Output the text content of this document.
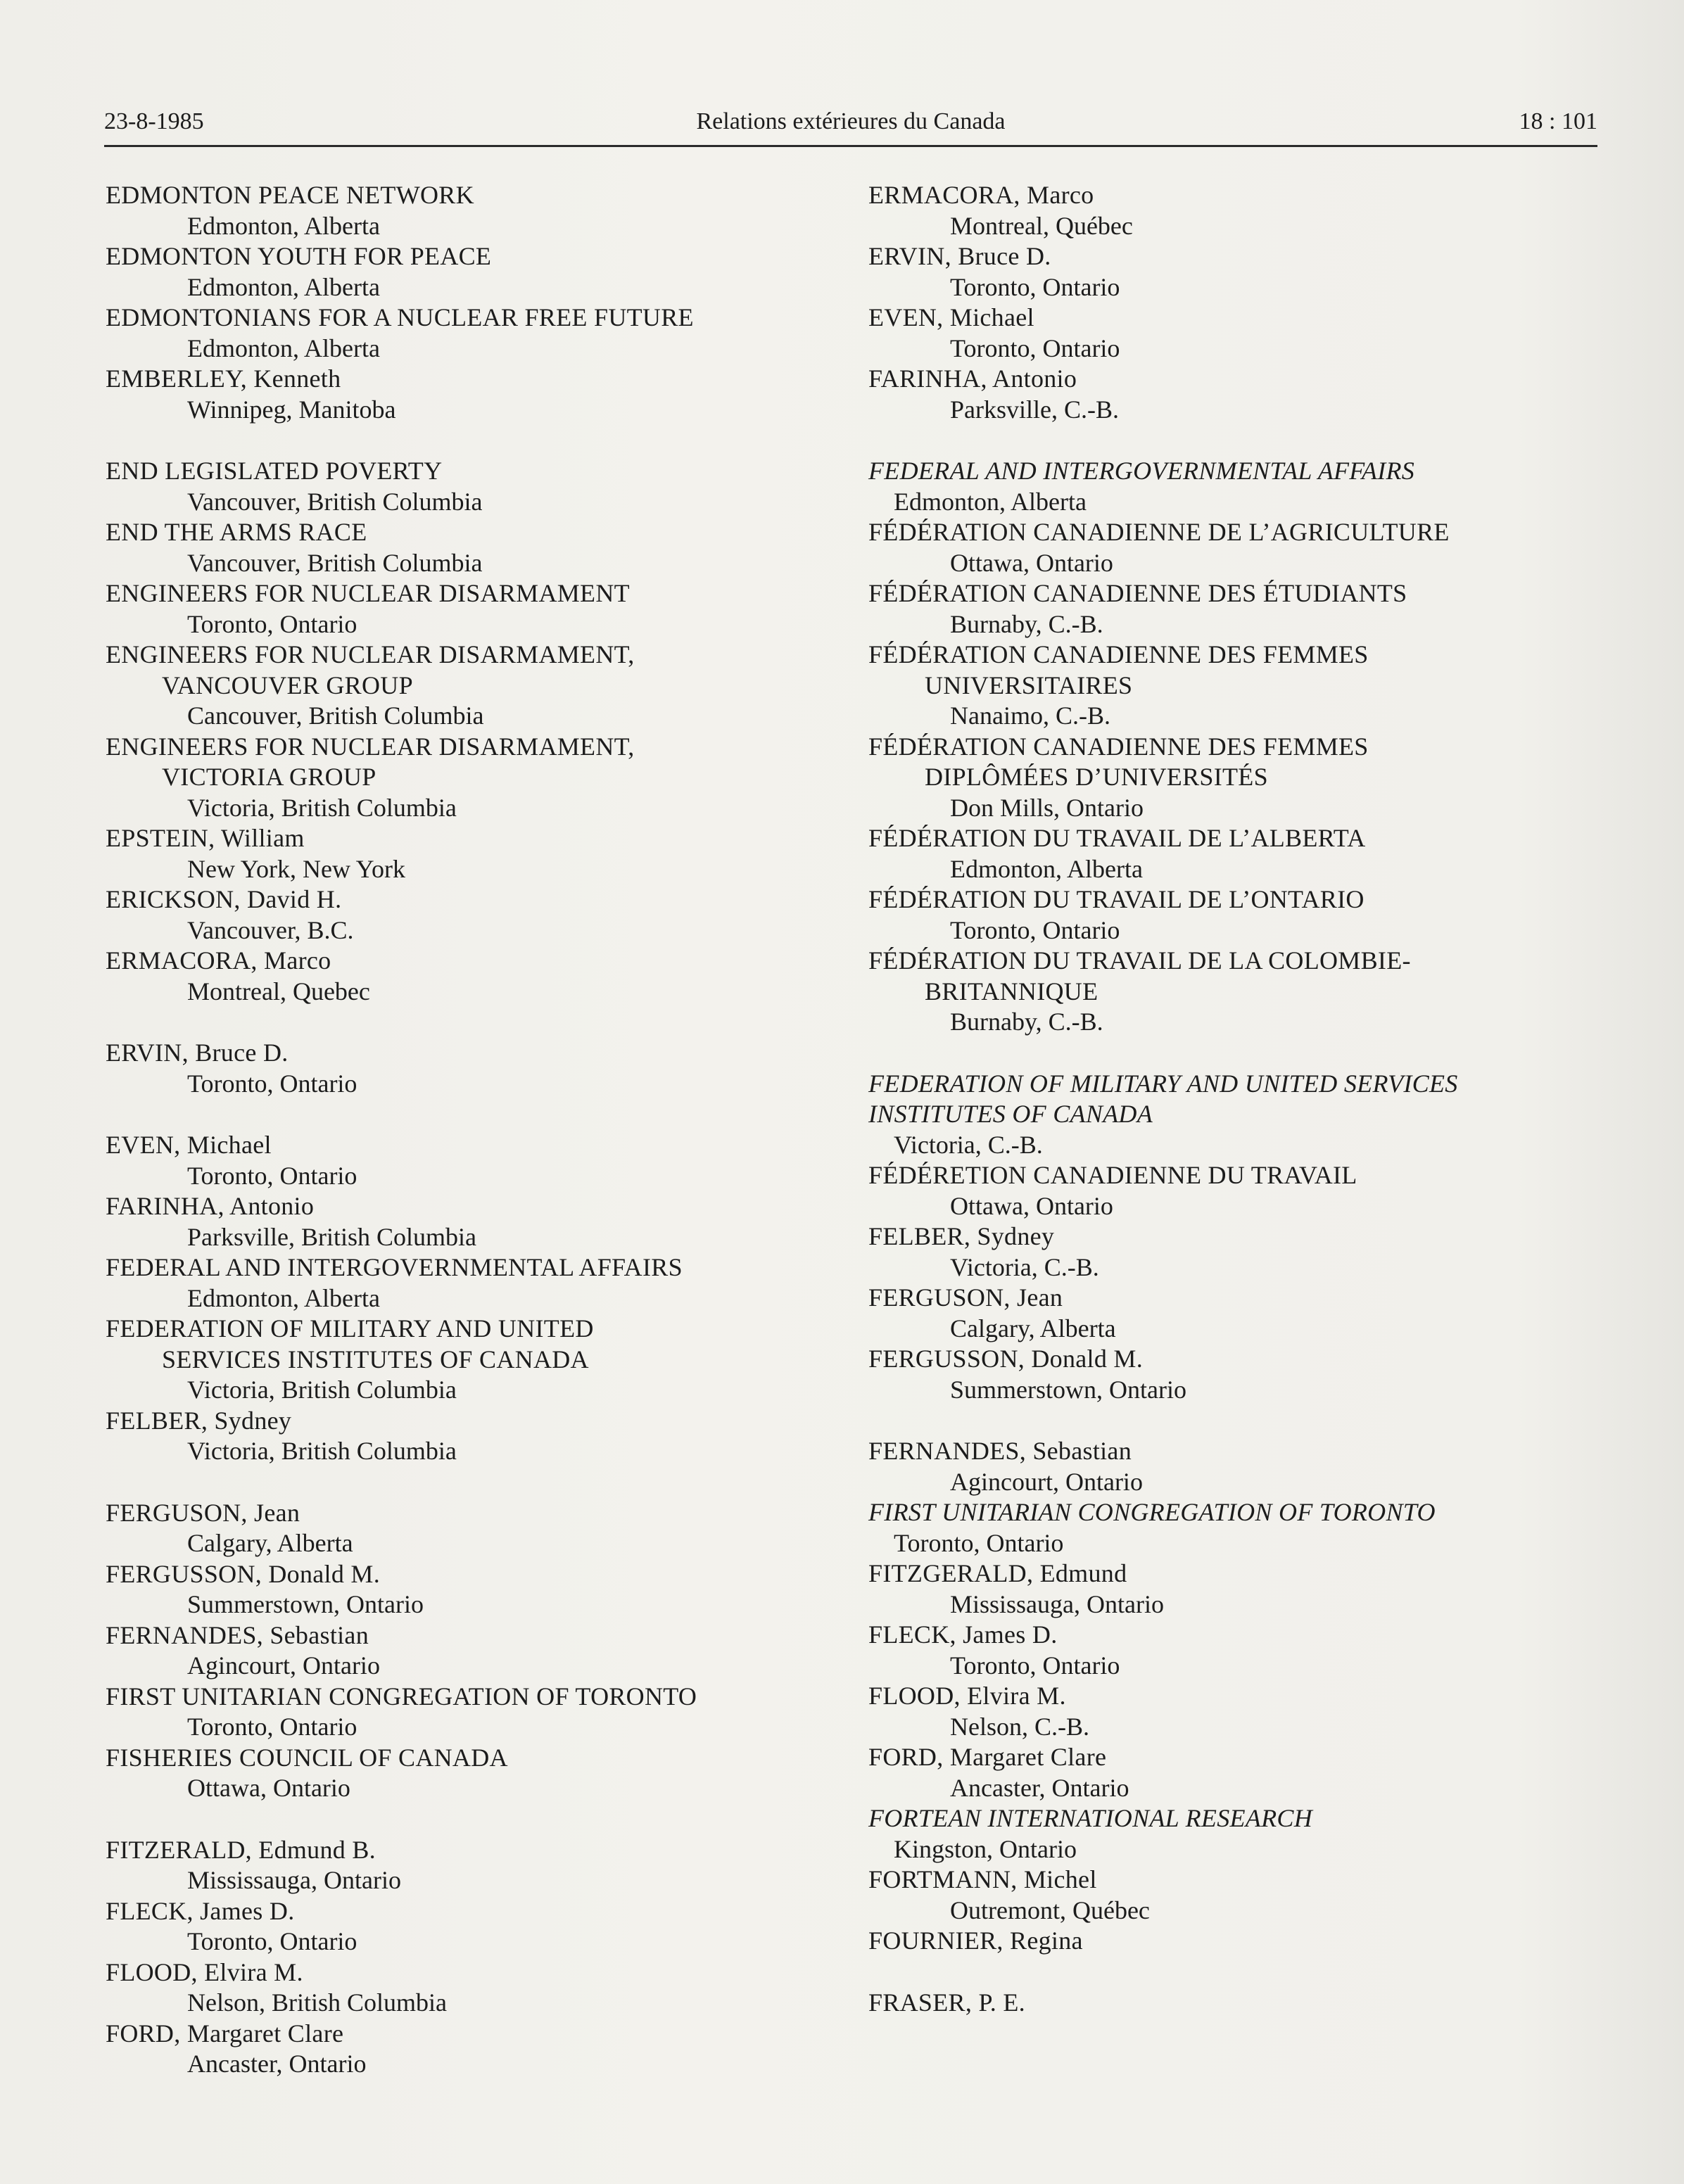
23-8-1985	Relations extérieures du Canada	18 : 101
EDMONTON PEACE NETWORK
Edmonton, Alberta
EDMONTON YOUTH FOR PEACE
Edmonton, Alberta
EDMONTONIANS FOR A NUCLEAR FREE FUTURE
Edmonton, Alberta
EMBERLEY, Kenneth
Winnipeg, Manitoba
END LEGISLATED POVERTY
Vancouver, British Columbia
END THE ARMS RACE
Vancouver, British Columbia
ENGINEERS FOR NUCLEAR DISARMAMENT
Toronto, Ontario
ENGINEERS FOR NUCLEAR DISARMAMENT,
VANCOUVER GROUP
Cancouver, British Columbia
ENGINEERS FOR NUCLEAR DISARMAMENT,
VICTORIA GROUP
Victoria, British Columbia
EPSTEIN, William
New York, New York
ERICKSON, David H.
Vancouver, B.C.
ERMACORA, Marco
Montreal, Quebec
ERVIN, Bruce D.
Toronto, Ontario
EVEN, Michael
Toronto, Ontario
FARINHA, Antonio
Parksville, British Columbia
FEDERAL AND INTERGOVERNMENTAL AFFAIRS
Edmonton, Alberta
FEDERATION OF MILITARY AND UNITED
SERVICES INSTITUTES OF CANADA
Victoria, British Columbia
FELBER, Sydney
Victoria, British Columbia
FERGUSON, Jean
Calgary, Alberta
FERGUSSON, Donald M.
Summerstown, Ontario
FERNANDES, Sebastian
Agincourt, Ontario
FIRST UNITARIAN CONGREGATION OF TORONTO
Toronto, Ontario
FISHERIES COUNCIL OF CANADA
Ottawa, Ontario
FITZERALD, Edmund B.
Mississauga, Ontario
FLECK, James D.
Toronto, Ontario
FLOOD, Elvira M.
Nelson, British Columbia
FORD, Margaret Clare
Ancaster, Ontario
ERMACORA, Marco
Montreal, Québec
ERVIN, Bruce D.
Toronto, Ontario
EVEN, Michael
Toronto, Ontario
FARINHA, Antonio
Parksville, C.-B.
FEDERAL AND INTERGOVERNMENTAL AFFAIRS
Edmonton, Alberta
FÉDÉRATION CANADIENNE DE L’AGRICULTURE
Ottawa, Ontario
FÉDÉRATION CANADIENNE DES ÉTUDIANTS
Burnaby, C.-B.
FÉDÉRATION CANADIENNE DES FEMMES
UNIVERSITAIRES
Nanaimo, C.-B.
FÉDÉRATION CANADIENNE DES FEMMES
DIPLÔMÉES D’UNIVERSITÉS
Don Mills, Ontario
FÉDÉRATION DU TRAVAIL DE L’ALBERTA
Edmonton, Alberta
FÉDÉRATION DU TRAVAIL DE L’ONTARIO
Toronto, Ontario
FÉDÉRATION DU TRAVAIL DE LA COLOMBIE-
BRITANNIQUE
Burnaby, C.-B.
FEDERATION OF MILITARY AND UNITED SERVICES
INSTITUTES OF CANADA
Victoria, C.-B.
FÉDÉRETION CANADIENNE DU TRAVAIL
Ottawa, Ontario
FELBER, Sydney
Victoria, C.-B.
FERGUSON, Jean
Calgary, Alberta
FERGUSSON, Donald M.
Summerstown, Ontario
FERNANDES, Sebastian
Agincourt, Ontario
FIRST UNITARIAN CONGREGATION OF TORONTO
Toronto, Ontario
FITZGERALD, Edmund
Mississauga, Ontario
FLECK, James D.
Toronto, Ontario
FLOOD, Elvira M.
Nelson, C.-B.
FORD, Margaret Clare
Ancaster, Ontario
FORTEAN INTERNATIONAL RESEARCH
Kingston, Ontario
FORTMANN, Michel
Outremont, Québec
FOURNIER, Regina
FRASER, P. E.
